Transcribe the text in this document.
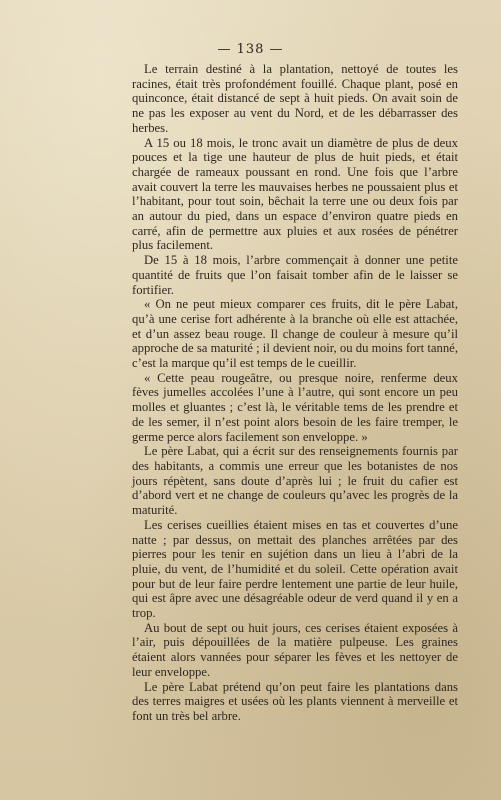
— 138 —

Le terrain destiné à la plantation, nettoyé de toutes les racines, était très profondément fouillé. Chaque plant, posé en quinconce, était distancé de sept à huit pieds. On avait soin de ne pas les exposer au vent du Nord, et de les débarrasser des herbes.

A 15 ou 18 mois, le tronc avait un diamètre de plus de deux pouces et la tige une hauteur de plus de huit pieds, et était chargée de rameaux poussant en rond. Une fois que l’arbre avait couvert la terre les mauvaises herbes ne poussaient plus et l’habitant, pour tout soin, bêchait la terre une ou deux fois par an autour du pied, dans un espace d’environ quatre pieds en carré, afin de permettre aux pluies et aux rosées de pénétrer plus facilement.

De 15 à 18 mois, l’arbre commençait à donner une petite quantité de fruits que l’on faisait tomber afin de le laisser se fortifier.

« On ne peut mieux comparer ces fruits, dit le père Labat, qu’à une cerise fort adhérente à la branche où elle est attachée, et d’un assez beau rouge. Il change de couleur à mesure qu’il approche de sa maturité ; il devient noir, ou du moins fort tanné, c’est la marque qu’il est temps de le cueillir.

« Cette peau rougeâtre, ou presque noire, renferme deux fèves jumelles accolées l’une à l’autre, qui sont encore un peu molles et gluantes ; c’est là, le véritable tems de les prendre et de les semer, il n’est point alors besoin de les faire tremper, le germe perce alors facilement son enveloppe. »

Le père Labat, qui a écrit sur des renseignements fournis par des habitants, a commis une erreur que les botanistes de nos jours répètent, sans doute d’après lui ; le fruit du cafier est d’abord vert et ne change de couleurs qu’avec les progrès de la maturité.

Les cerises cueillies étaient mises en tas et couvertes d’une natte ; par dessus, on mettait des planches arrêtées par des pierres pour les tenir en sujétion dans un lieu à l’abri de la pluie, du vent, de l’humidité et du soleil. Cette opération avait pour but de leur faire perdre lentement une partie de leur huile, qui est âpre avec une désagréable odeur de verd quand il y en a trop.

Au bout de sept ou huit jours, ces cerises étaient exposées à l’air, puis dépouillées de la matière pulpeuse. Les graines étaient alors vannées pour séparer les fèves et les nettoyer de leur enveloppe.

Le père Labat prétend qu’on peut faire les plantations dans des terres maigres et usées où les plants viennent à merveille et font un très bel arbre.
